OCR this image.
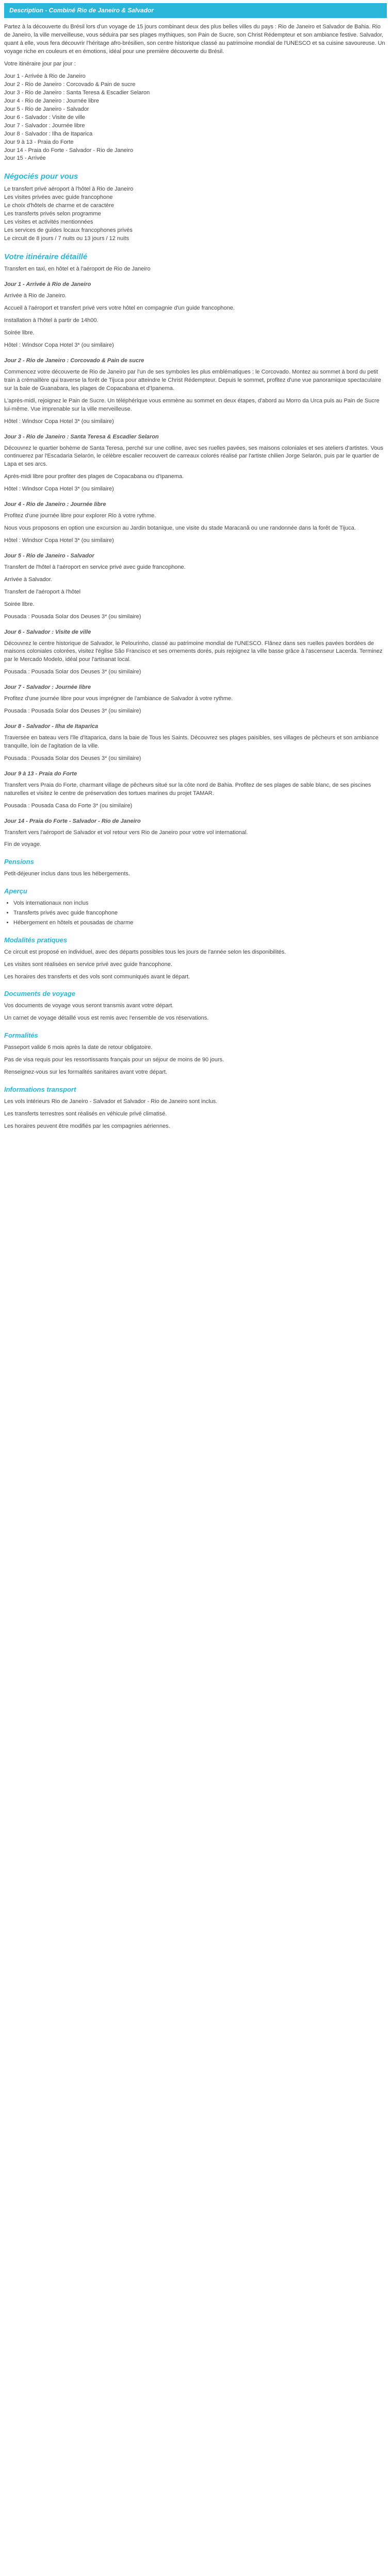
Description - Combiné Rio de Janeiro & Salvador

Partez à la découverte du Brésil lors d'un voyage de 15 jours combinant deux des plus belles villes du pays : Rio de Janeiro et Salvador de Bahia. Rio de Janeiro, la ville merveilleuse, vous séduira par ses plages mythiques, son Pain de Sucre, son Christ Rédempteur et son ambiance festive. Salvador, quant à elle, vous fera découvrir l'héritage afro-brésilien, son centre historique classé au patrimoine mondial de l'UNESCO et sa cuisine savoureuse. Un voyage riche en couleurs et en émotions, idéal pour une première découverte du Brésil.

Votre itinéraire jour par jour :

Jour 1 - Arrivée à Rio de Janeiro

Jour 2 - Rio de Janeiro : Corcovado & Pain de sucre

Jour 3 - Rio de Janeiro : Santa Teresa & Escadier Selaron

Jour 4 - Rio de Janeiro : Journée libre

Jour 5 - Rio de Janeiro - Salvador

Jour 6 - Salvador : Visite de ville

Jour 7 - Salvador : Journée libre

Jour 8 - Salvador : Ilha de Itaparica

Jour 9 à 13 - Praia do Forte

Jour 14 - Praia do Forte - Salvador - Rio de Janeiro

Jour 15 - Arrivée

Négociés pour vous

Le transfert privé aéroport à l'hôtel à Rio de Janeiro

Les visites privées avec guide francophone

Le choix d'hôtels de charme et de caractère

Les transferts privés selon programme

Les visites et activités mentionnées

Les services de guides locaux francophones privés

Le circuit de 8 jours / 7 nuits ou 13 jours / 12 nuits

Votre itinéraire détaillé

Transfert en taxi, en hôtel et à l'aéroport de Rio de Janeiro

Jour 1 - Arrivée à Rio de Janeiro

Arrivée à Rio de Janeiro.

Accueil à l'aéroport et transfert privé vers votre hôtel en compagnie d'un guide francophone.

Installation à l'hôtel à partir de 14h00.

Soirée libre.

Hôtel : Windsor Copa Hotel 3* (ou similaire)

Jour 2 - Rio de Janeiro : Corcovado & Pain de sucre

Commencez votre découverte de Rio de Janeiro par l'un de ses symboles les plus emblématiques : le Corcovado. Montez au sommet à bord du petit train à crémaillère qui traverse la forêt de Tijuca pour atteindre le Christ Rédempteur. Depuis le sommet, profitez d'une vue panoramique spectaculaire sur la baie de Guanabara, les plages de Copacabana et d'Ipanema.

L'après-midi, rejoignez le Pain de Sucre. Un téléphérique vous emmène au sommet en deux étapes, d'abord au Morro da Urca puis au Pain de Sucre lui-même. Vue imprenable sur la ville merveilleuse.

Hôtel : Windsor Copa Hotel 3* (ou similaire)

Jour 3 - Rio de Janeiro : Santa Teresa & Escadier Selaron

Découvrez le quartier bohème de Santa Teresa, perché sur une colline, avec ses ruelles pavées, ses maisons coloniales et ses ateliers d'artistes. Vous continuerez par l'Escadaria Selarón, le célèbre escalier recouvert de carreaux colorés réalisé par l'artiste chilien Jorge Selarón, puis par le quartier de Lapa et ses arcs.

Après-midi libre pour profiter des plages de Copacabana ou d'Ipanema.

Hôtel : Windsor Copa Hotel 3* (ou similaire)

Jour 4 - Rio de Janeiro : Journée libre

Profitez d'une journée libre pour explorer Rio à votre rythme.

Nous vous proposons en option une excursion au Jardin botanique, une visite du stade Maracanã ou une randonnée dans la forêt de Tijuca.

Hôtel : Windsor Copa Hotel 3* (ou similaire)

Jour 5 - Rio de Janeiro - Salvador

Transfert de l'hôtel à l'aéroport en service privé avec guide francophone.

Arrivée à Salvador.

Transfert de l'aéroport à l'hôtel

Soirée libre.

Pousada : Pousada Solar dos Deuses 3* (ou similaire)

Jour 6 - Salvador : Visite de ville

Découvrez le centre historique de Salvador, le Pelourinho, classé au patrimoine mondial de l'UNESCO. Flânez dans ses ruelles pavées bordées de maisons coloniales colorées, visitez l'église São Francisco et ses ornements dorés, puis rejoignez la ville basse grâce à l'ascenseur Lacerda. Terminez par le Mercado Modelo, idéal pour l'artisanat local.

Pousada : Pousada Solar dos Deuses 3* (ou similaire)

Jour 7 - Salvador : Journée libre

Profitez d'une journée libre pour vous imprégner de l'ambiance de Salvador à votre rythme.

Pousada : Pousada Solar dos Deuses 3* (ou similaire)

Jour 8 - Salvador - Ilha de Itaparica

Traversée en bateau vers l'île d'Itaparica, dans la baie de Tous les Saints. Découvrez ses plages paisibles, ses villages de pêcheurs et son ambiance tranquille, loin de l'agitation de la ville.

Pousada : Pousada Solar dos Deuses 3* (ou similaire)

Jour 9 à 13 - Praia do Forte

Transfert vers Praia do Forte, charmant village de pêcheurs situé sur la côte nord de Bahia. Profitez de ses plages de sable blanc, de ses piscines naturelles et visitez le centre de préservation des tortues marines du projet TAMAR.

Pousada : Pousada Casa do Forte 3* (ou similaire)

Jour 14 - Praia do Forte - Salvador - Rio de Janeiro

Transfert vers l'aéroport de Salvador et vol retour vers Rio de Janeiro pour votre vol international.

Fin de voyage.

Pensions

Petit-déjeuner inclus dans tous les hébergements.

Aperçu
• Vols internationaux non inclus
• Transferts privés avec guide francophone
• Hébergement en hôtels et pousadas de charme
Modalités pratiques

Ce circuit est proposé en individuel, avec des départs possibles tous les jours de l'année selon les disponibilités.

Les visites sont réalisées en service privé avec guide francophone.

Les horaires des transferts et des vols sont communiqués avant le départ.

Documents de voyage

Vos documents de voyage vous seront transmis avant votre départ.

Un carnet de voyage détaillé vous est remis avec l'ensemble de vos réservations.

Formalités

Passeport valide 6 mois après la date de retour obligatoire.

Pas de visa requis pour les ressortissants français pour un séjour de moins de 90 jours.

Renseignez-vous sur les formalités sanitaires avant votre départ.

Informations transport

Les vols intérieurs Rio de Janeiro - Salvador et Salvador - Rio de Janeiro sont inclus.

Les transferts terrestres sont réalisés en véhicule privé climatisé.

Les horaires peuvent être modifiés par les compagnies aériennes.
